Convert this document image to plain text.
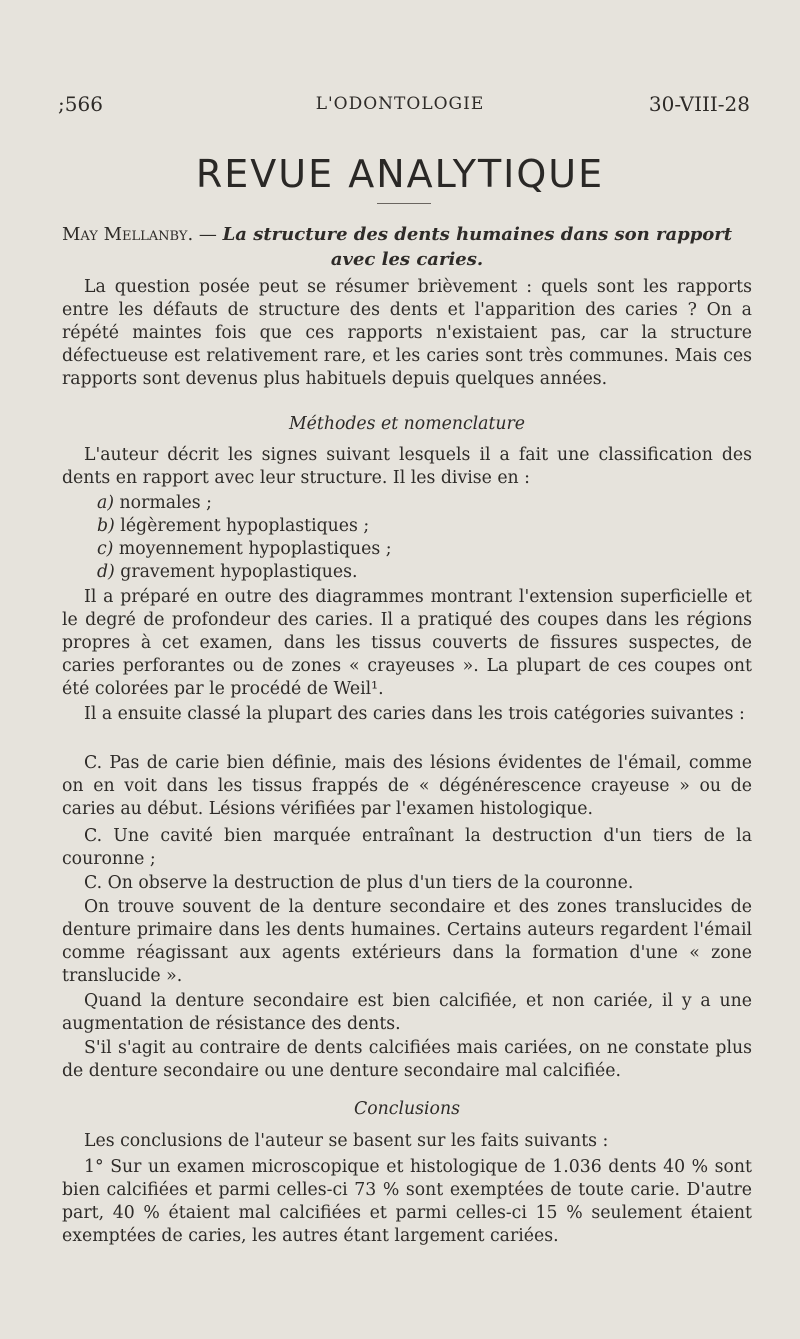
;566	L'ODONTOLOGIE	30-VIII-28
REVUE ANALYTIQUE
May Mellanby. — La structure des dents humaines dans son rapport
avec les caries.

La question posée peut se résumer brièvement : quels sont les rapports entre les défauts de structure des dents et l'apparition des caries ? On a répété maintes fois que ces rapports n'existaient pas, car la structure défectueuse est relativement rare, et les caries sont très communes. Mais ces rapports sont devenus plus habituels depuis quelques années.

Méthodes et nomenclature

L'auteur décrit les signes suivant lesquels il a fait une classification des dents en rapport avec leur structure. Il les divise en :

a) normales ;
b) légèrement hypoplastiques ;
c) moyennement hypoplastiques ;
d) gravement hypoplastiques.

Il a préparé en outre des diagrammes montrant l'extension superficielle et le degré de profondeur des caries. Il a pratiqué des coupes dans les régions propres à cet examen, dans les tissus couverts de fissures suspectes, de caries perforantes ou de zones « crayeuses ». La plupart de ces coupes ont été colorées par le procédé de Weil¹.

Il a ensuite classé la plupart des caries dans les trois catégories suivantes :

C. Pas de carie bien définie, mais des lésions évidentes de l'émail, comme on en voit dans les tissus frappés de « dégénérescence crayeuse » ou de caries au début. Lésions vérifiées par l'examen histologique.

C. Une cavité bien marquée entraînant la destruction d'un tiers de la couronne ;

C. On observe la destruction de plus d'un tiers de la couronne.

On trouve souvent de la denture secondaire et des zones translucides de denture primaire dans les dents humaines. Certains auteurs regardent l'émail comme réagissant aux agents extérieurs dans la formation d'une « zone translucide ».

Quand la denture secondaire est bien calcifiée, et non cariée, il y a une augmentation de résistance des dents.

S'il s'agit au contraire de dents calcifiées mais cariées, on ne constate plus de denture secondaire ou une denture secondaire mal calcifiée.

Conclusions

Les conclusions de l'auteur se basent sur les faits suivants :

1° Sur un examen microscopique et histologique de 1.036 dents 40 % sont bien calcifiées et parmi celles-ci 73 % sont exemptées de toute carie. D'autre part, 40 % étaient mal calcifiées et parmi celles-ci 15 % seulement étaient exemptées de caries, les autres étant largement cariées.
